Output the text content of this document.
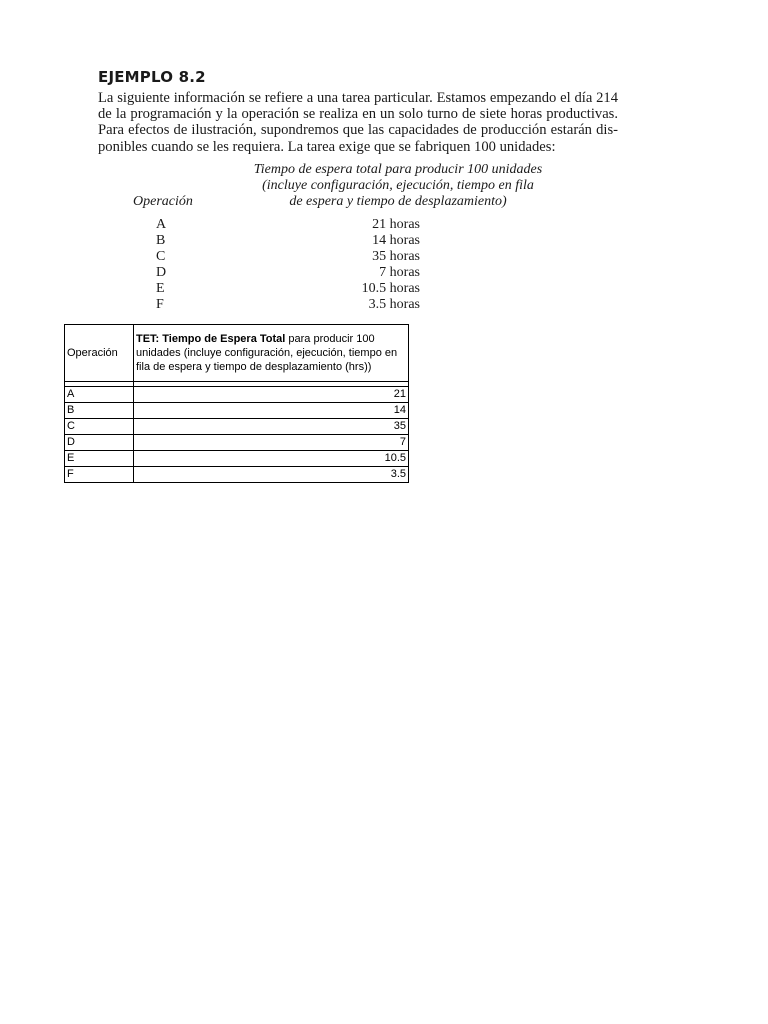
EJEMPLO 8.2
La siguiente información se refiere a una tarea particular. Estamos empezando el día 214
de la programación y la operación se realiza en un solo turno de siete horas productivas.
Para efectos de ilustración, supondremos que las capacidades de producción estarán dis-
ponibles cuando se les requiera. La tarea exige que se fabriquen 100 unidades:
Tiempo de espera total para producir 100 unidades
(incluye configuración, ejecución, tiempo en fila
de espera y tiempo de desplazamiento)
Operación
A	21 horas
B	14 horas
C	35 horas
D	7 horas
E	10.5 horas
F	3.5 horas
Operación	TET: Tiempo de Espera Total para producir 100 unidades (incluye configuración, ejecución, tiempo en fila de espera y tiempo de desplazamiento (hrs))

A	21
B	14
C	35
D	7
E	10.5
F	3.5
